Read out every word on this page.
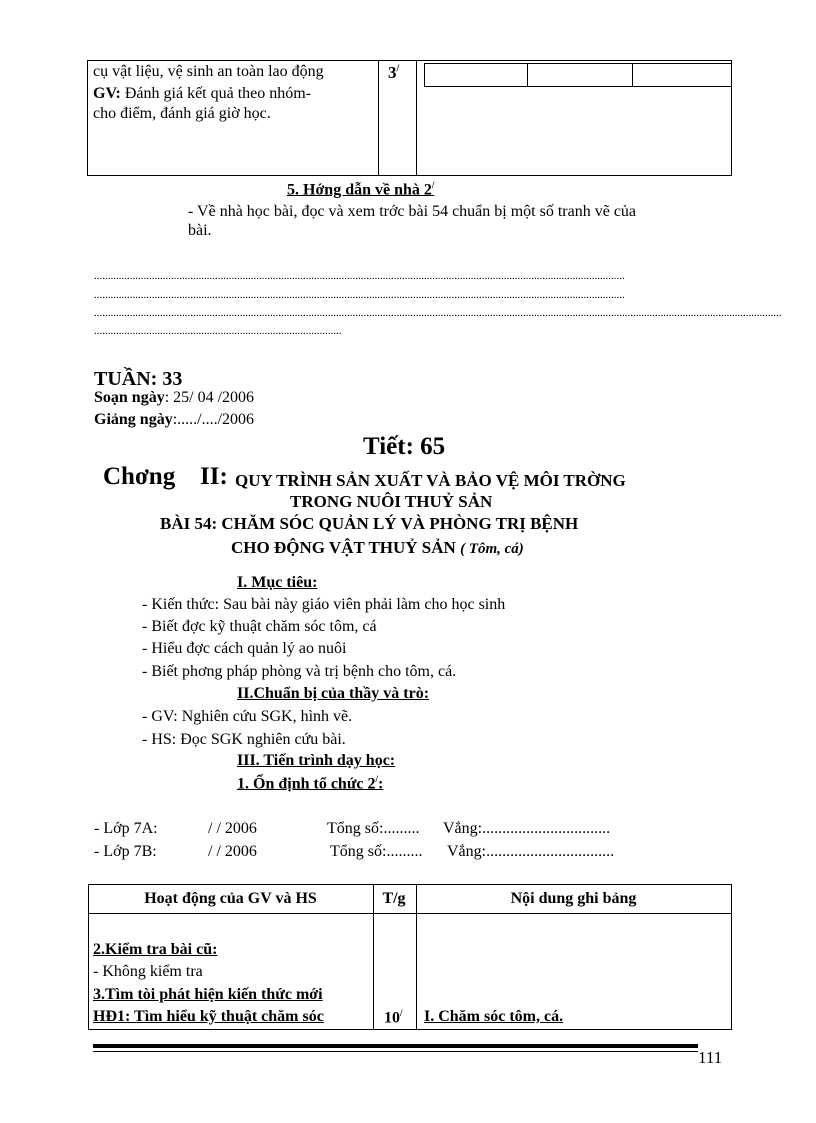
cụ vật liệu, vệ sinh an toàn lao động
GV: Đánh giá kết quả theo nhóm-
cho điểm, đánh giá giờ học.
3/
5. Hớng dẫn về nhà 2/
- Về nhà học bài, đọc và xem trớc bài 54 chuẩn bị một số tranh vẽ của
bài.
.................................................................................................................................................................................................
.................................................................................................................................................................................................
..........................................................................................................................................................................................................................................................
..........................................................................................
TUẦN: 33
Soạn ngày: 25/ 04 /2006
Giảng ngày:...../..../2006
Tiết: 65
Chơng II: QUY TRÌNH SẢN XUẤT VÀ BẢO VỆ MÔI TRỜNG
TRONG NUÔI THUỶ SẢN
BÀI 54: CHĂM SÓC QUẢN LÝ VÀ PHÒNG TRỊ BỆNH
CHO ĐỘNG VẬT THUỶ SẢN ( Tôm, cá)
I. Mục tiêu:
- Kiến thức: Sau bài này giáo viên phải làm cho học sinh
- Biết đợc kỹ thuật chăm sóc tôm, cá
- Hiểu đợc cách quản lý ao nuôi
- Biết phơng pháp phòng và trị bệnh cho tôm, cá.
II.Chuẩn bị của thầy và trò:
- GV: Nghiên cứu SGK, hình vẽ.
- HS: Đọc SGK nghiên cứu bài.
III. Tiến trình dạy học:
1. Ổn định tổ chức 2/:
- Lớp 7A:	/ / 2006	Tổng số:......... Vắng:................................
- Lớp 7B:	/ / 2006	Tổng số:......... Vắng:................................
Hoạt động của GV và HS	T/g	Nội dung ghi bảng
2.Kiểm tra bài cũ:
- Không kiểm tra
3.Tìm tòi phát hiện kiến thức mới
HĐ1: Tìm hiểu kỹ thuật chăm sóc	10/ I. Chăm sóc tôm, cá.
111
